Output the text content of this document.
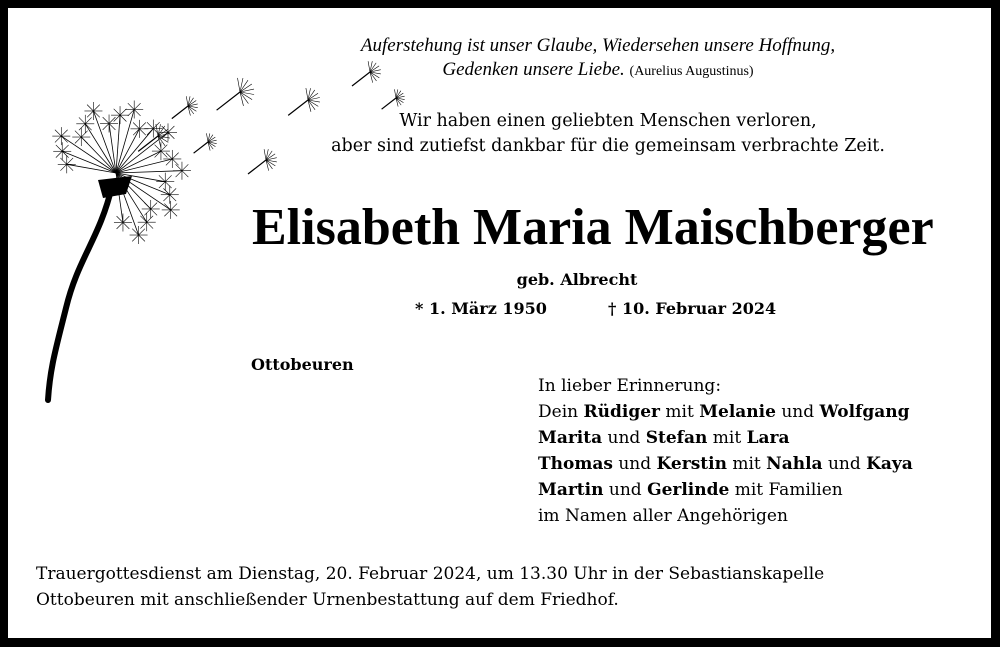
Auferstehung ist unser Glaube, Wiedersehen unsere Hoffnung,
Gedenken unsere Liebe. (Aurelius Augustinus)
Wir haben einen geliebten Menschen verloren,
aber sind zutiefst dankbar für die gemeinsam verbrachte Zeit.
Elisabeth Maria Maischberger
geb. Albrecht
* 1. März 1950	† 10. Februar 2024
Ottobeuren
In lieber Erinnerung:
Dein Rüdiger mit Melanie und Wolfgang
Marita und Stefan mit Lara
Thomas und Kerstin mit Nahla und Kaya
Martin und Gerlinde mit Familien
im Namen aller Angehörigen
Trauergottesdienst am Dienstag, 20. Februar 2024, um 13.30 Uhr in der Sebastianskapelle
Ottobeuren mit anschließender Urnenbestattung auf dem Friedhof.
